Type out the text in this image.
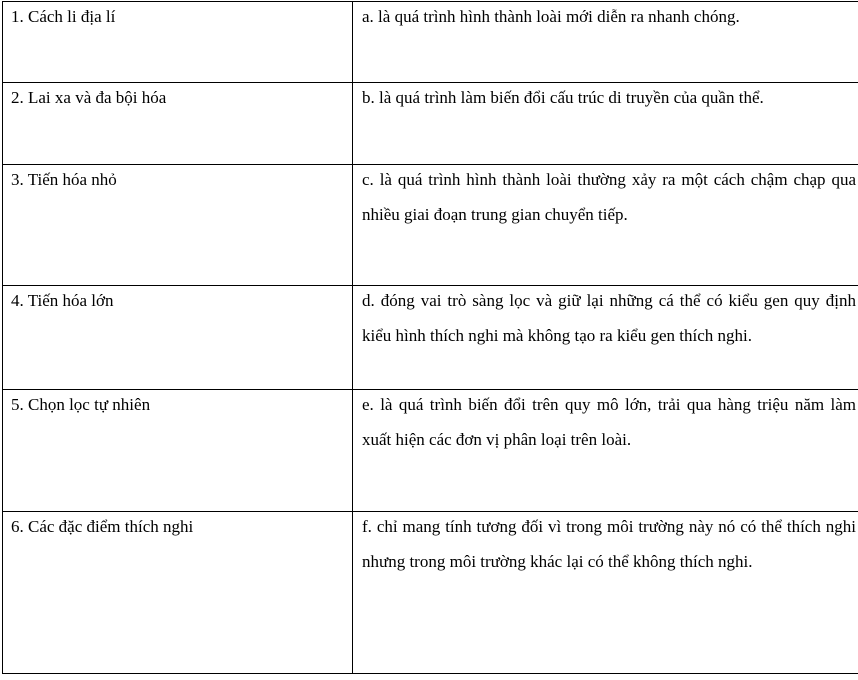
1. Cách li địa lí	a. là quá trình hình thành loài mới diễn ra nhanh chóng.

2. Lai xa và đa bội hóa	b. là quá trình làm biến đổi cấu trúc di truyền của quần thể.

3. Tiến hóa nhỏ	c. là quá trình hình thành loài thường xảy ra một cách chậm chạp qua nhiều giai đoạn trung gian chuyển tiếp.

4. Tiến hóa lớn	d. đóng vai trò sàng lọc và giữ lại những cá thể có kiểu gen quy định kiểu hình thích nghi mà không tạo ra kiểu gen thích nghi.

5. Chọn lọc tự nhiên	e. là quá trình biến đổi trên quy mô lớn, trải qua hàng triệu năm làm xuất hiện các đơn vị phân loại trên loài.

6. Các đặc điểm thích nghi	f. chỉ mang tính tương đối vì trong môi trường này nó có thể thích nghi nhưng trong môi trường khác lại có thể không thích nghi.
